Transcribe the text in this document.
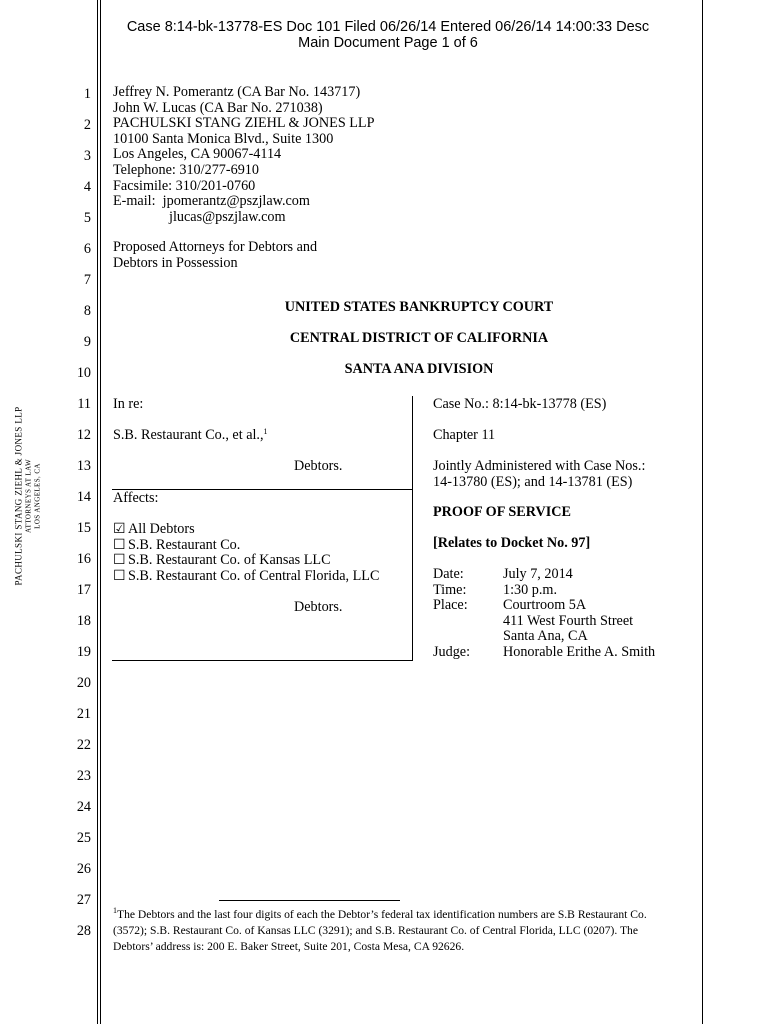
Case 8:14-bk-13778-ES Doc 101 Filed 06/26/14 Entered 06/26/14 14:00:33 Desc
Main Document Page 1 of 6
1
2
3
4
5
6
7
8
9
10
11
12
13
14
15
16
17
18
19
20
21
22
23
24
25
26
27
28
PACHULSKI STANG ZIEHL & JONES LLP ATTORNEYS AT LAW LOS ANGELES, CA
Jeffrey N. Pomerantz (CA Bar No. 143717)
John W. Lucas (CA Bar No. 271038)
PACHULSKI STANG ZIEHL & JONES LLP
10100 Santa Monica Blvd., Suite 1300
Los Angeles, CA 90067-4114
Telephone: 310/277-6910
Facsimile: 310/201-0760
E-mail: jpomerantz@pszjlaw.com
jlucas@pszjlaw.com
Proposed Attorneys for Debtors and
Debtors in Possession
UNITED STATES BANKRUPTCY COURT
CENTRAL DISTRICT OF CALIFORNIA
SANTA ANA DIVISION
In re:
S.B. Restaurant Co., et al.,$^1$
Debtors.
Affects:
☑ All Debtors
☐ S.B. Restaurant Co.
☐ S.B. Restaurant Co. of Kansas LLC
☐ S.B. Restaurant Co. of Central Florida, LLC
Debtors.
Case No.: 8:14-bk-13778 (ES)
Chapter 11
Jointly Administered with Case Nos.:
14-13780 (ES); and 14-13781 (ES)
PROOF OF SERVICE
[Relates to Docket No. 97]
Date:
Time:
Place:
July 7, 2014
1:30 p.m.
Courtroom 5A
411 West Fourth Street
Santa Ana, CA
Judge: Honorable Erithe A. Smith
$^1$The Debtors and the last four digits of each the Debtor’s federal tax identification numbers are S.B Restaurant Co.
(3572); S.B. Restaurant Co. of Kansas LLC (3291); and S.B. Restaurant Co. of Central Florida, LLC (0207). The
Debtors’ address is: 200 E. Baker Street, Suite 201, Costa Mesa, CA 92626.
